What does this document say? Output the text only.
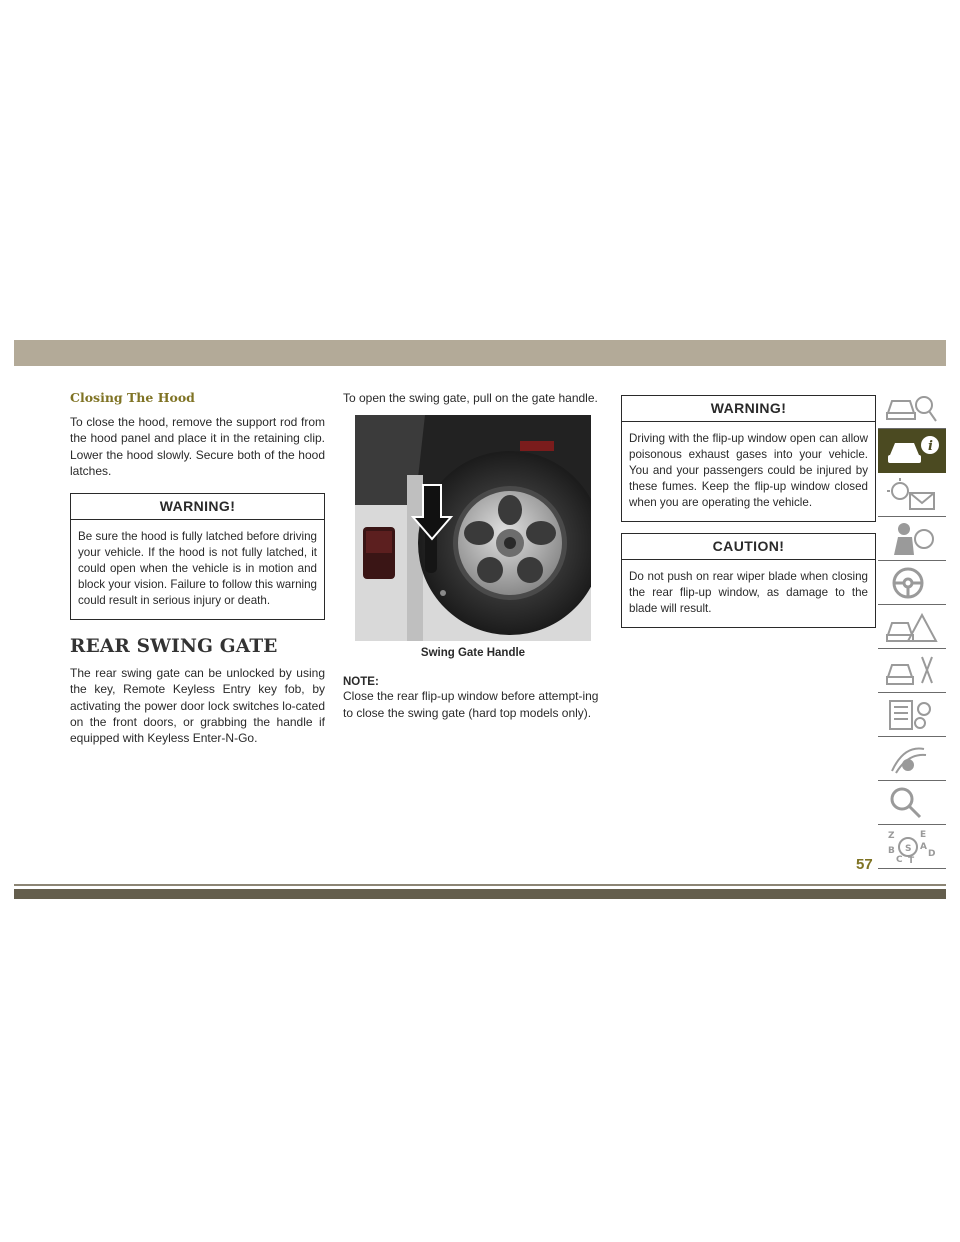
Closing The Hood

To close the hood, remove the support rod from the hood panel and place it in the retaining clip. Lower the hood slowly. Secure both of the hood latches.

WARNING!
Be sure the hood is fully latched before driving your vehicle. If the hood is not fully latched, it could open when the vehicle is in motion and block your vision. Failure to follow this warning could result in serious injury or death.
REAR SWING GATE

The rear swing gate can be unlocked by using the key, Remote Keyless Entry key fob, by activating the power door lock switches lo-cated on the front doors, or grabbing the handle if equipped with Keyless Enter-N-Go.

To open the swing gate, pull on the gate handle.

Swing Gate Handle
NOTE:

Close the rear flip-up window before attempt-ing to close the swing gate (hard top models only).

WARNING!
Driving with the flip-up window open can allow poisonous exhaust gases into your vehicle. You and your passengers could be injured by these fumes. Keep the flip-up window closed when you are operating the vehicle.
CAUTION!
Do not push on rear wiper blade when closing the rear flip-up window, as damage to the blade will result.
i
Z	E
S A
B
C T
D
57
